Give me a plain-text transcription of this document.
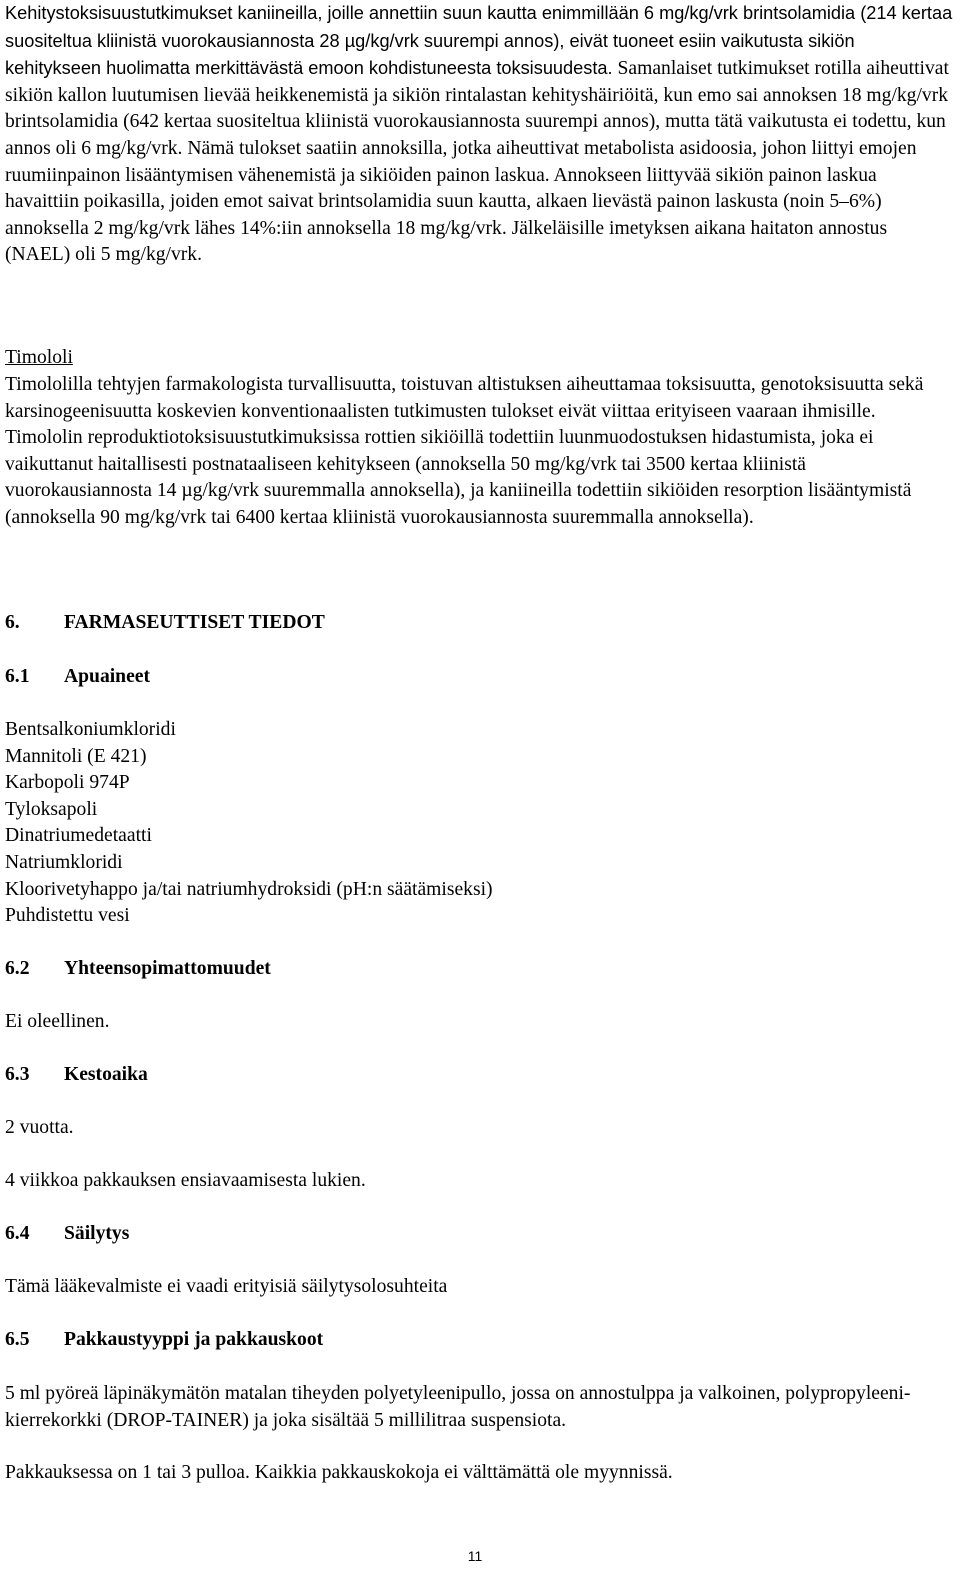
Kehitystoksisuustutkimukset kaniineilla, joille annettiin suun kautta enimmillään 6 mg/kg/vrk brintsolamidia (214 kertaa suositeltua kliinistä vuorokausiannosta 28 µg/kg/vrk suurempi annos), eivät tuoneet esiin vaikutusta sikiön kehitykseen huolimatta merkittävästä emoon kohdistuneesta toksisuudesta. Samanlaiset tutkimukset rotilla aiheuttivat sikiön kallon luutumisen lievää heikkenemistä ja sikiön rintalastan kehityshäiriöitä, kun emo sai annoksen 18 mg/kg/vrk brintsolamidia (642 kertaa suositeltua kliinistä vuorokausiannosta suurempi annos), mutta tätä vaikutusta ei todettu, kun annos oli 6 mg/kg/vrk. Nämä tulokset saatiin annoksilla, jotka aiheuttivat metabolista asidoosia, johon liittyi emojen ruumiinpainon lisääntymisen vähenemistä ja sikiöiden painon laskua. Annokseen liittyvää sikiön painon laskua havaittiin poikasilla, joiden emot saivat brintsolamidia suun kautta, alkaen lievästä painon laskusta (noin 5–6%) annoksella 2 mg/kg/vrk lähes 14%:iin annoksella 18 mg/kg/vrk. Jälkeläisille imetyksen aikana haitaton annostus (NAEL) oli 5 mg/kg/vrk.

Timololi

Timololilla tehtyjen farmakologista turvallisuutta, toistuvan altistuksen aiheuttamaa toksisuutta, genotoksisuutta sekä karsinogeenisuutta koskevien konventionaalisten tutkimusten tulokset eivät viittaa erityiseen vaaraan ihmisille. Timololin reproduktiotoksisuustutkimuksissa rottien sikiöillä todettiin luunmuodostuksen hidastumista, joka ei vaikuttanut haitallisesti postnataaliseen kehitykseen (annoksella 50 mg/kg/vrk tai 3500 kertaa kliinistä vuorokausiannosta 14 µg/kg/vrk suuremmalla annoksella), ja kaniineilla todettiin sikiöiden resorption lisääntymistä (annoksella 90 mg/kg/vrk tai 6400 kertaa kliinistä vuorokausiannosta suuremmalla annoksella).

6. FARMASEUTTISET TIEDOT
6.1 Apuaineet
Bentsalkoniumkloridi
Mannitoli (E 421)
Karbopoli 974P
Tyloksapoli
Dinatriumedetaatti
Natriumkloridi
Kloorivetyhappo ja/tai natriumhydroksidi (pH:n säätämiseksi)
Puhdistettu vesi
6.2 Yhteensopimattomuudet

Ei oleellinen.

6.3 Kestoaika

2 vuotta.

4 viikkoa pakkauksen ensiavaamisesta lukien.

6.4 Säilytys

Tämä lääkevalmiste ei vaadi erityisiä säilytysolosuhteita

6.5 Pakkaustyyppi ja pakkauskoot

5 ml pyöreä läpinäkymätön matalan tiheyden polyetyleenipullo, jossa on annostulppa ja valkoinen, polypropyleeni-kierrekorkki (DROP-TAINER) ja joka sisältää 5 millilitraa suspensiota.

Pakkauksessa on 1 tai 3 pulloa. Kaikkia pakkauskokoja ei välttämättä ole myynnissä.

11
